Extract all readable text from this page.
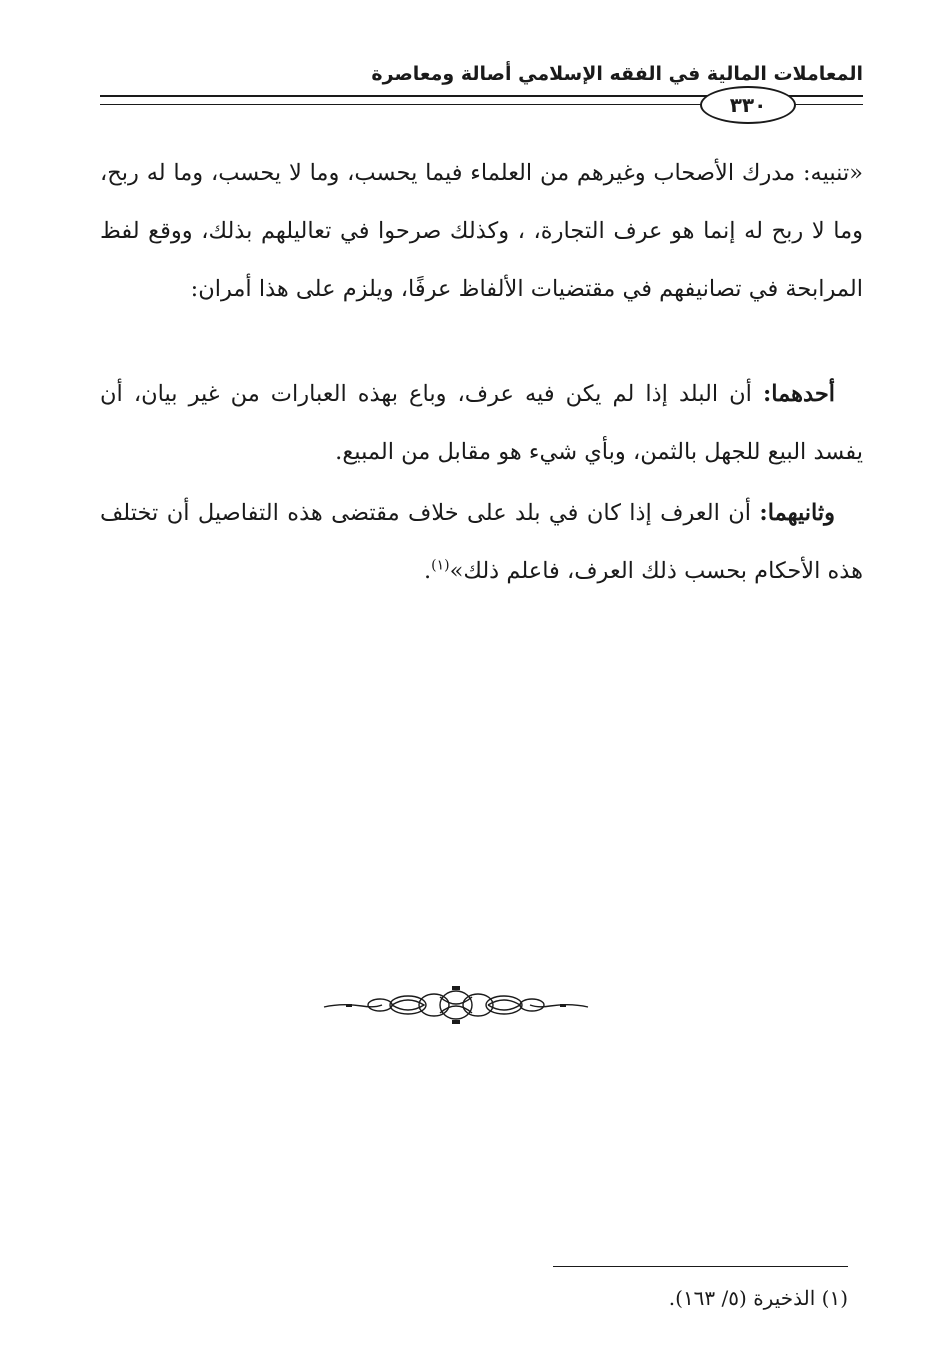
المعاملات المالية في الفقه الإسلامي أصالة ومعاصرة
٣٣٠

«تنبيه: مدرك الأصحاب وغيرهم من العلماء فيما يحسب، وما لا يحسب، وما له ربح، وما لا ربح له إنما هو عرف التجارة، ، وكذلك صرحوا في تعاليلهم بذلك، ووقع لفظ المرابحة في تصانيفهم في مقتضيات الألفاظ عرفًا، ويلزم على هذا أمران:

أحدهما: أن البلد إذا لم يكن فيه عرف، وباع بهذه العبارات من غير بيان، أن يفسد البيع للجهل بالثمن، وبأي شيء هو مقابل من المبيع.

وثانيهما: أن العرف إذا كان في بلد على خلاف مقتضى هذه التفاصيل أن تختلف هذه الأحكام بحسب ذلك العرف، فاعلم ذلك»$^{(١)}$.

(١) الذخيرة (٥/ ١٦٣).
